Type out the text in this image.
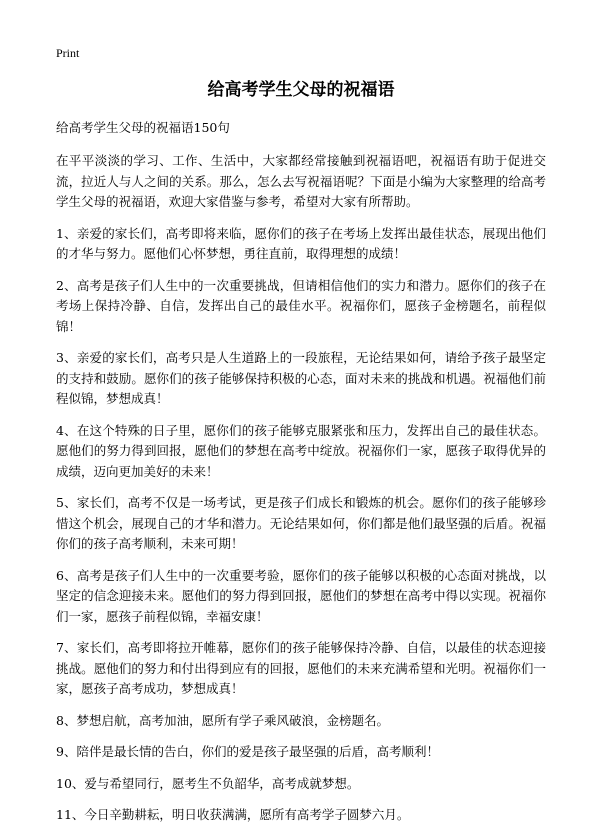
Print
给高考学生父母的祝福语
给高考学生父母的祝福语150句
在平平淡淡的学习、工作、生活中，大家都经常接触到祝福语吧，祝福语有助于促进交流，拉近人与人之间的关系。那么，怎么去写祝福语呢？下面是小编为大家整理的给高考学生父母的祝福语，欢迎大家借鉴与参考，希望对大家有所帮助。
1、亲爱的家长们，高考即将来临，愿你们的孩子在考场上发挥出最佳状态，展现出他们的才华与努力。愿他们心怀梦想，勇往直前，取得理想的成绩！
2、高考是孩子们人生中的一次重要挑战，但请相信他们的实力和潜力。愿你们的孩子在考场上保持冷静、自信，发挥出自己的最佳水平。祝福你们，愿孩子金榜题名，前程似锦！
3、亲爱的家长们，高考只是人生道路上的一段旅程，无论结果如何，请给予孩子最坚定的支持和鼓励。愿你们的孩子能够保持积极的心态，面对未来的挑战和机遇。祝福他们前程似锦，梦想成真！
4、在这个特殊的日子里，愿你们的孩子能够克服紧张和压力，发挥出自己的最佳状态。愿他们的努力得到回报，愿他们的梦想在高考中绽放。祝福你们一家，愿孩子取得优异的成绩，迈向更加美好的未来！
5、家长们，高考不仅是一场考试，更是孩子们成长和锻炼的机会。愿你们的孩子能够珍惜这个机会，展现自己的才华和潜力。无论结果如何，你们都是他们最坚强的后盾。祝福你们的孩子高考顺利，未来可期！
6、高考是孩子们人生中的一次重要考验，愿你们的孩子能够以积极的心态面对挑战，以坚定的信念迎接未来。愿他们的努力得到回报，愿他们的梦想在高考中得以实现。祝福你们一家，愿孩子前程似锦，幸福安康！
7、家长们，高考即将拉开帷幕，愿你们的孩子能够保持冷静、自信，以最佳的状态迎接挑战。愿他们的努力和付出得到应有的回报，愿他们的未来充满希望和光明。祝福你们一家，愿孩子高考成功，梦想成真！
8、梦想启航，高考加油，愿所有学子乘风破浪，金榜题名。
9、陪伴是最长情的告白，你们的爱是孩子最坚强的后盾，高考顺利！
10、爱与希望同行，愿考生不负韶华，高考成就梦想。
11、今日辛勤耕耘，明日收获满满，愿所有高考学子圆梦六月。
